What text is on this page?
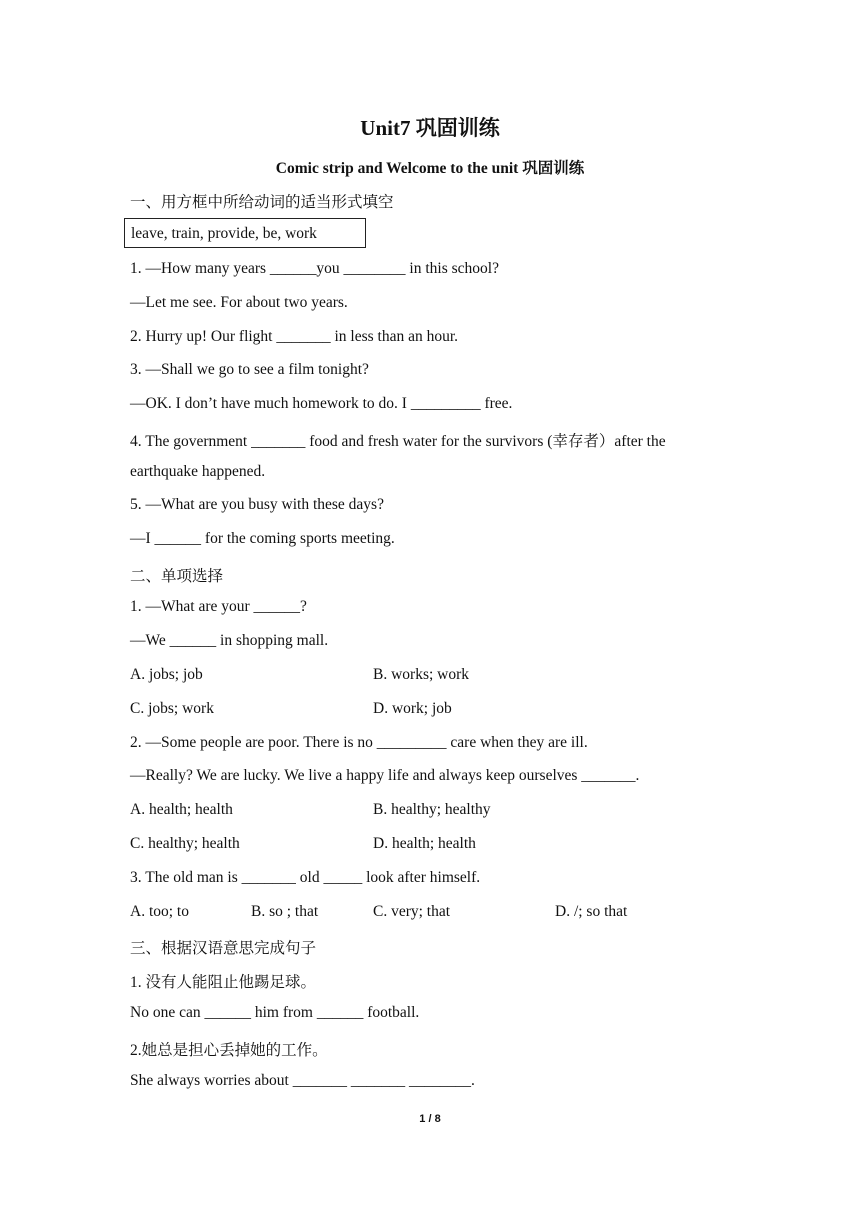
Unit7 巩固训练
Comic strip and Welcome to the unit 巩固训练
一、用方框中所给动词的适当形式填空
leave, train, provide, be, work
1. —How many years ______you ________ in this school?
—Let me see. For about two years.
2. Hurry up! Our flight _______ in less than an hour.
3. —Shall we go to see a film tonight?
—OK. I don’t have much homework to do. I _________ free.
4. The government _______ food and fresh water for the survivors (幸存者）after the
earthquake happened.
5. —What are you busy with these days?
—I ______ for the coming sports meeting.
二、单项选择
1. —What are your ______?
—We ______ in shopping mall.
A. jobs; job	B. works; work
C. jobs; work	D. work; job
2. —Some people are poor. There is no _________ care when they are ill.
—Really? We are lucky. We live a happy life and always keep ourselves _______.
A. health; health	B. healthy; healthy
C. healthy; health	D. health; health
3. The old man is _______ old _____ look after himself.
A. too; to	B. so ; that	C. very; that	D. /; so that
三、根据汉语意思完成句子
1. 没有人能阻止他踢足球。
No one can ______ him from ______ football.
2.她总是担心丢掉她的工作。
She always worries about _______ _______ ________.
1 / 8
